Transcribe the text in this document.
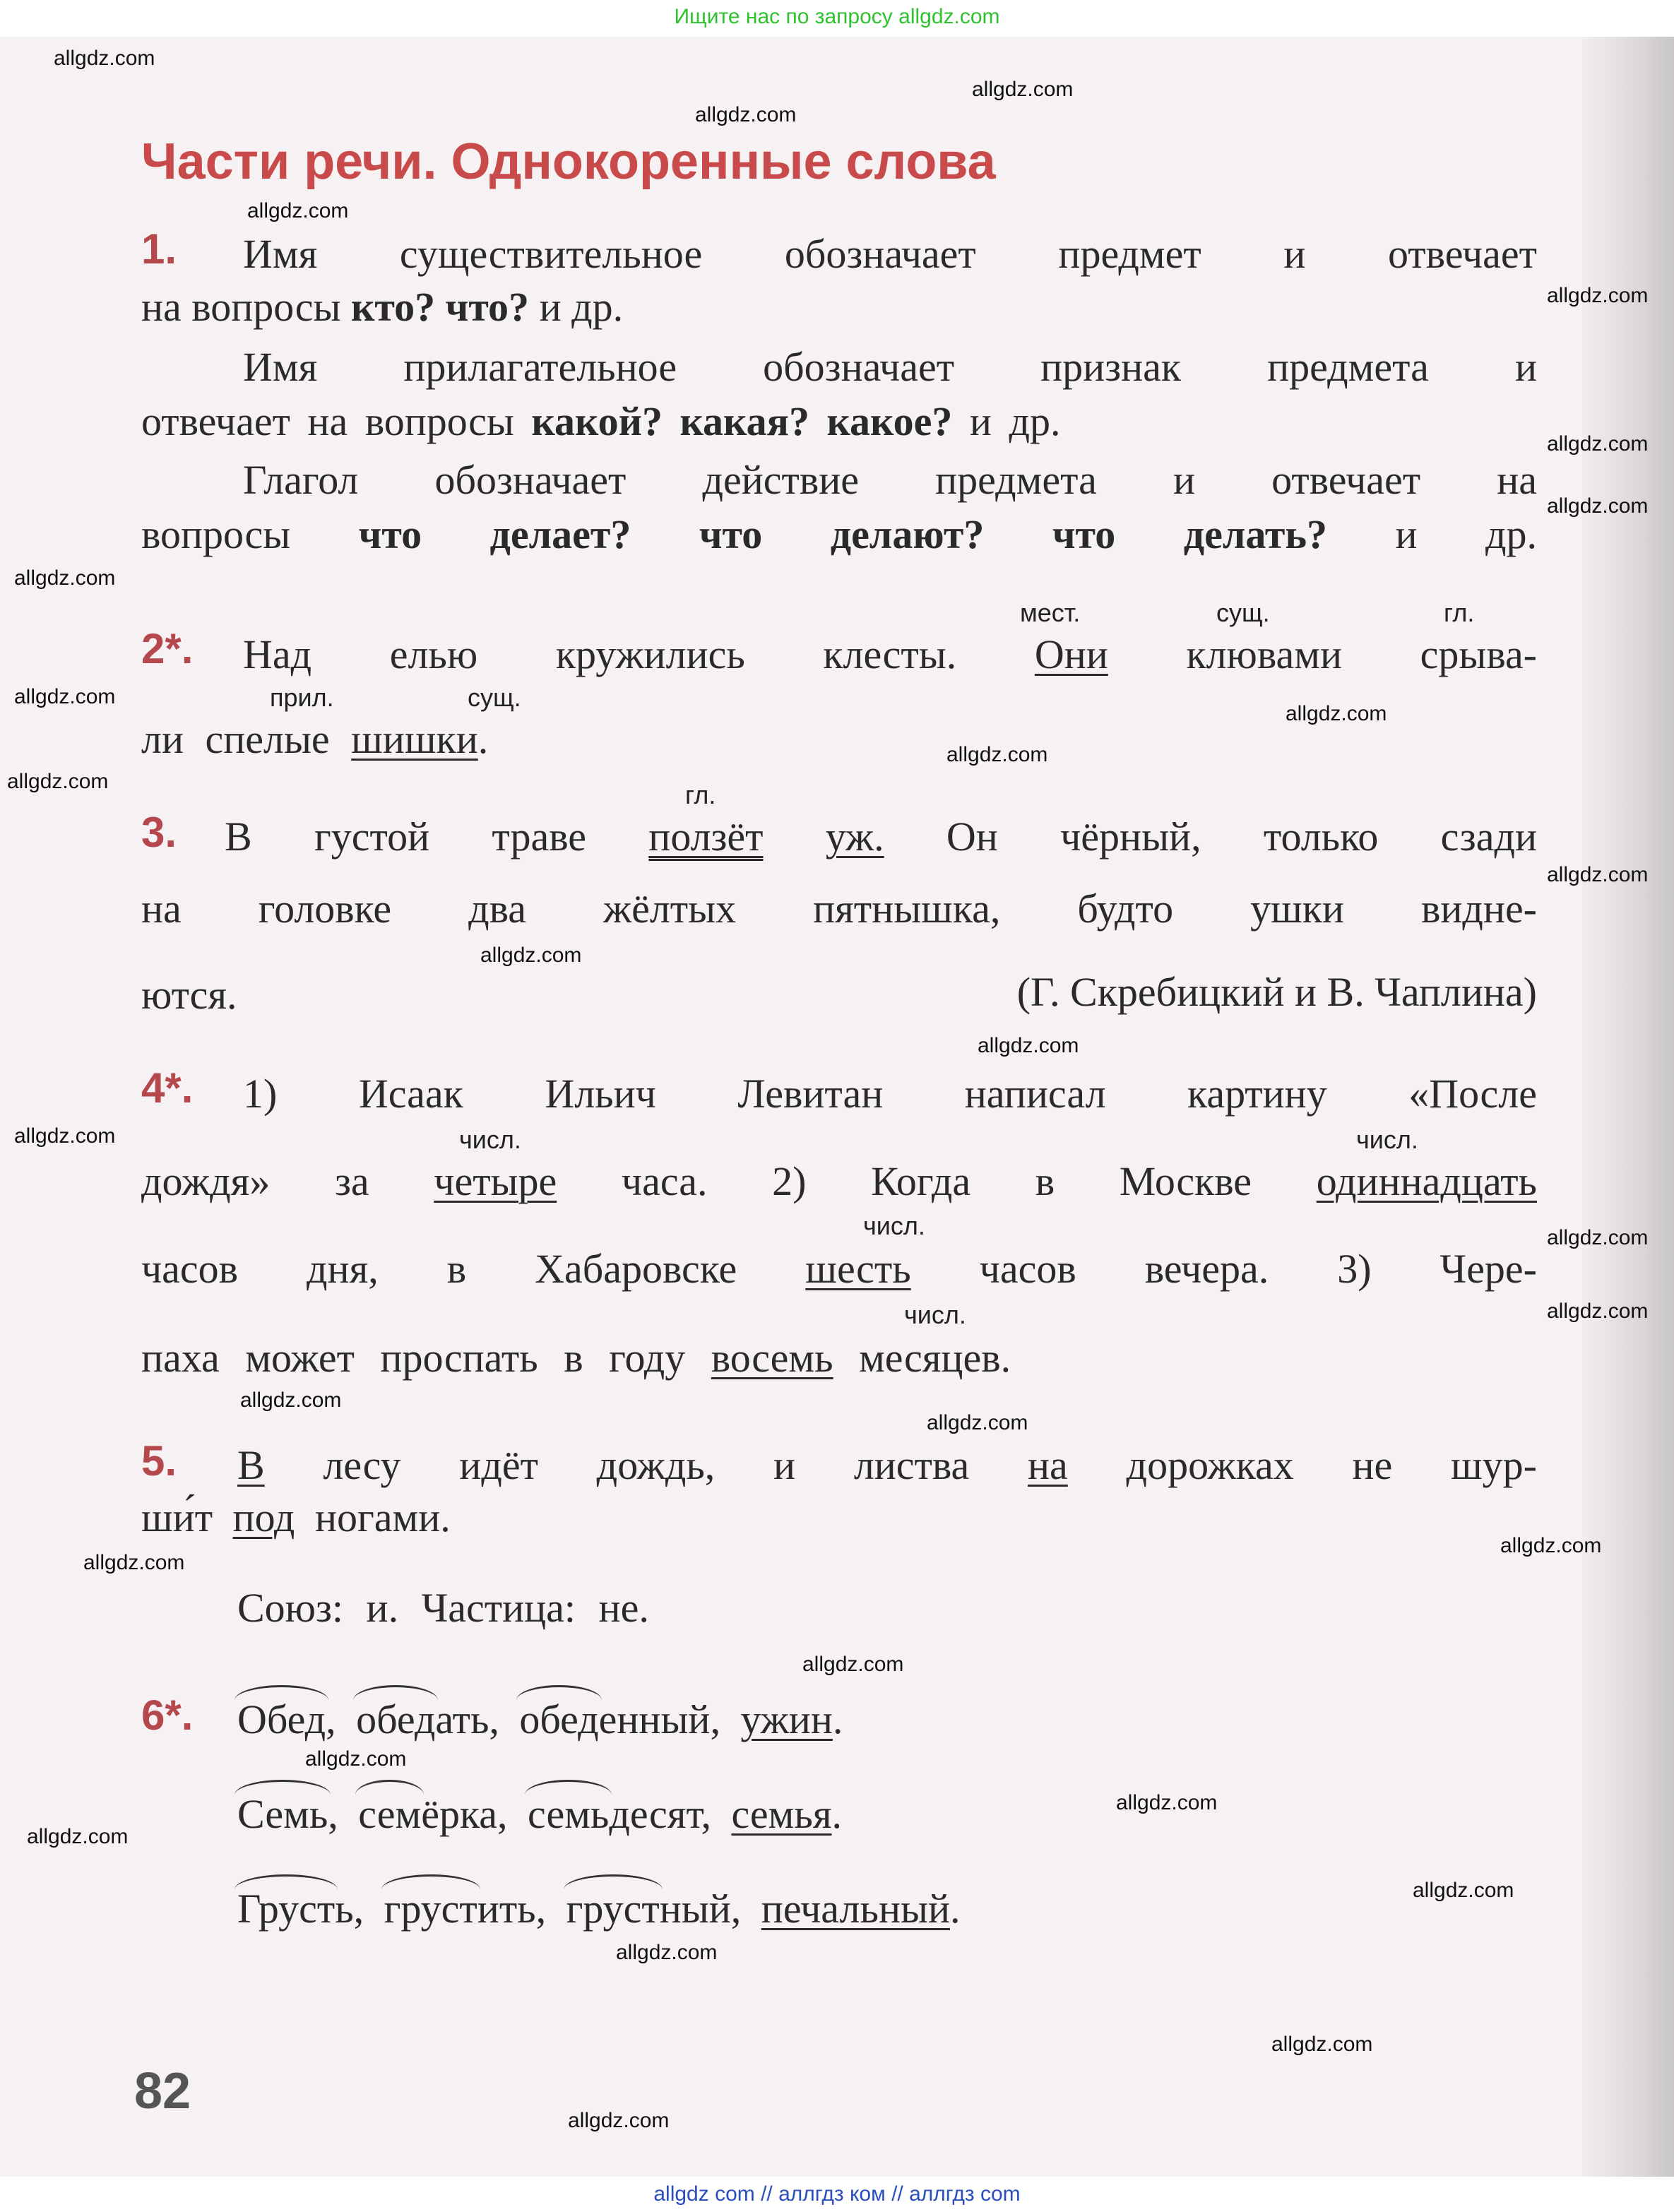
Ищите нас по запросу allgdz.com
Части речи. Однокоренные слова
1. Имя существительное обозначает предмет и отвечает
на вопросы кто? что? и др.
Имя прилагательное обозначает признак предмета и
отвечает на вопросы какой? какая? какое? и др.
Глагол обозначает действие предмета и отвечает на
вопросы что делает? что делают? что делать? и др.
2*.
мест.	сущ.	гл.
Над елью кружились клесты. Они клювами срыва-
прил.	сущ.
ли спелые шишки.
3.
гл.
В густой траве ползёт уж. Он чёрный, только сзади
на головке два жёлтых пятнышка, будто ушки видне-
ются.	(Г. Скребицкий и В. Чаплина)
4*. 1) Исаак Ильич Левитан написал картину «После
числ.	числ.
дождя» за четыре часа. 2) Когда в Москве одиннадцать
числ.
часов дня, в Хабаровске шесть часов вечера. 3) Чере-
числ.
паха может проспать в году восемь месяцев.
5. В лесу идёт дождь, и листва на дорожках не шур-
ши́т под ногами.
Союз: и. Частица: не.
6*. Обед, обедать, обеденный, ужин.
Семь, семёрка, семьдесят, семья.
Грусть, грустить, грустный, печальный.
82
allgdz.com
allgdz.com
allgdz.com
allgdz.com
allgdz.com
allgdz.com
allgdz.com
allgdz.com
allgdz.com
allgdz.com
allgdz.com
allgdz.com
allgdz.com
allgdz.com
allgdz.com
allgdz.com
allgdz.com
allgdz.com
allgdz.com
allgdz.com
allgdz.com
allgdz.com
allgdz.com
allgdz.com
allgdz.com
allgdz.com
allgdz.com
allgdz.com
allgdz.com
allgdz.com
allgdz com // аллгдз ком // аллгдз com
